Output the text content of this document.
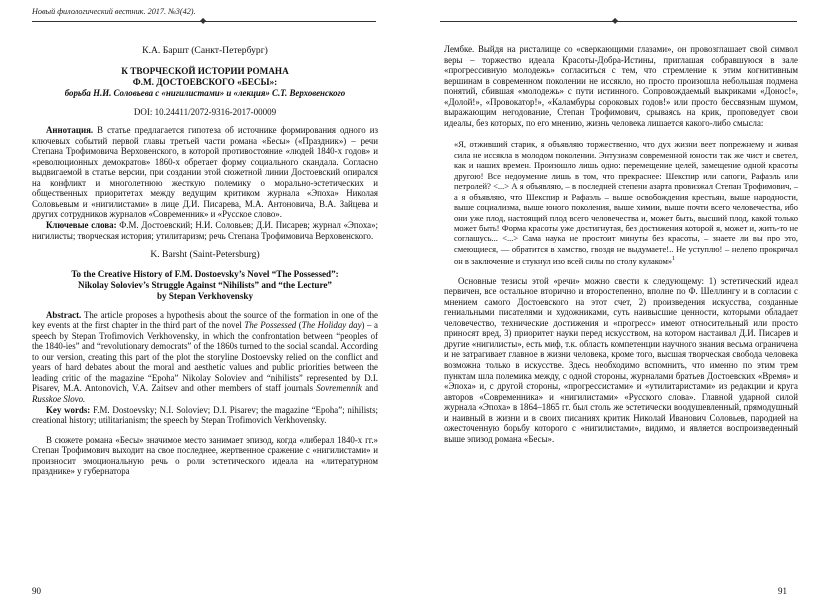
Новый филологический вестник. 2017. №3(42).
◆

К.А. Баршт (Санкт-Петербург)

К ТВОРЧЕСКОЙ ИСТОРИИ РОМАНА

Ф.М. ДОСТОЕВСКОГО «БЕСЫ»:

борьба Н.И. Соловьева с «нигилистами» и «лекция» С.Т. Верховенского

DOI: 10.24411/2072-9316-2017-00009

Аннотация. В статье предлагается гипотеза об источнике формирования одного из ключевых событий первой главы третьей части романа «Бесы» («Праздник») – речи Степана Трофимовича Верховенского, в которой противостояние «людей 1840-х годов» и «революционных демократов» 1860-х обретает форму социального скандала. Согласно выдвигаемой в статье версии, при создании этой сюжетной линии Достоевский опирался на конфликт и многолетнюю жесткую полемику о морально-эстетических и общественных приоритетах между ведущим критиком журнала «Эпоха» Николая Соловьевым и «нигилистами» в лице Д.И. Писарева, М.А. Антоновича, В.А. Зайцева и других сотрудников журналов «Современник» и «Русское слово».

Ключевые слова: Ф.М. Достоевский; Н.И. Соловьев; Д.И. Писарев; журнал «Эпоха»; нигилисты; творческая история; утилитаризм; речь Степана Трофимовича Верховенского.

K. Barsht (Saint-Petersburg)

To the Creative History of F.M. Dostoevsky’s Novel “The Possessed”:

Nikolay Soloviev’s Struggle Against “Nihilists” and “the Lecture”

by Stepan Verkhovensky

Abstract. The article proposes a hypothesis about the source of the formation in one of the key events at the first chapter in the third part of the novel The Possessed (The Holiday day) – a speech by Stepan Trofimovich Verkhovensky, in which the confrontation between “peoples of the 1840-ies” and “revolutionary democrats” of the 1860s turned to the social scandal. According to our version, creating this part of the plot the storyline Dostoevsky relied on the conflict and years of hard debates about the moral and aesthetic values and public priorities between the leading critic of the magazine “Epoha” Nikolay Soloviev and “nihilists” represented by D.I. Pisarev, M.A. Antonovich, V.A. Zaitsev and other members of staff journals Sovremennik and Russkoe Slovo.

Key words: F.M. Dostoevsky; N.I. Soloviev; D.I. Pisarev; the magazine “Epoha”; nihilists; creational history; utilitarianism; the speech by Stepan Trofimovich Verkhovensky.

В сюжете романа «Бесы» значимое место занимает эпизод, когда «либерал 1840-х гг.» Степан Трофимович выходит на свое последнее, жертвенное сражение с «нигилистами» и произносит эмоциональную речь о роли эстетического идеала на «литературном празднике» у губернатора

90
◆

Лембке. Выйдя на ристалище со «сверкающими глазами», он провозглашает свой символ веры – торжество идеала Красоты-Добра-Истины, приглашая собравшуюся в зале «прогрессивную молодежь» согласиться с тем, что стремление к этим когнитивным вершинам в современном поколении не иссякло, но просто произошла небольшая подмена понятий, сбившая «молодежь» с пути истинного. Сопровождаемый выкриками «Донос!», «Долой!», «Провокатор!», «Каламбуры сороковых годов!» или просто бессвязным шумом, выражающим негодование, Степан Трофимович, срываясь на крик, проповедует свои идеалы, без которых, по его мнению, жизнь человека лишается какого-либо смысла:

«Я, отживший старик, я объявляю торжественно, что дух жизни веет попрежнему и живая сила не иссякла в молодом поколении. Энтузиазм современной юности так же чист и светел, как и наших времен. Произошло лишь одно: перемещение целей, замещение одной красоты другою! Все недоумение лишь в том, что прекраснее: Шекспир или сапоги, Рафаэль или петролей? <...> А я объявляю, – в последней степени азарта провизжал Степан Трофимович, – а я объявляю, что Шекспир и Рафаэль – выше освобождения крестьян, выше народности, выше социализма, выше юного поколения, выше химии, выше почти всего человечества, ибо они уже плод, настоящий плод всего человечества и, может быть, высший плод, какой только может быть! Форма красоты уже достигнутая, без достижения которой я, может и, жить-то не соглашусь... <...> Сама наука не простоит минуты без красоты, – знаете ли вы про это, смеющиеся, — обратится в хамство, гвоздя не выдумаете!.. Не уступлю! – нелепо прокричал он в заключение и стукнул изо всей силы по столу кулаком»$^1$

Основные тезисы этой «речи» можно свести к следующему: 1) эстетический идеал первичен, все остальное вторично и второстепенно, вполне по Ф. Шеллингу и в согласии с мнением самого Достоевского на этот счет, 2) произведения искусства, созданные гениальными писателями и художниками, суть наивысшие ценности, которыми обладает человечество, технические достижения и «прогресс» имеют относительный или просто приносят вред, 3) приоритет науки перед искусством, на котором настаивал Д.И. Писарев и другие «нигилисты», есть миф, т.к. область компетенции научного знания весьма ограничена и не затрагивает главное в жизни человека, кроме того, высшая творческая свобода человека возможна только в искусстве. Здесь необходимо вспомнить, что именно по этим трем пунктам шла полемика между, с одной стороны, журналами братьев Достоевских «Время» и «Эпоха» и, с другой стороны, «прогрессистами» и «утилитаристами» из редакции и круга авторов «Современника» и «нигилистами» «Русского слова». Главной ударной силой журнала «Эпоха» в 1864–1865 гг. был столь же эстетически воодушевленный, прямодушный и наивный в жизни и в своих писаниях критик Николай Иванович Соловьев, пародией на ожесточенную борьбу которого с «нигилистами», видимо, и является воспроизведенный выше эпизод романа «Бесы».

91
